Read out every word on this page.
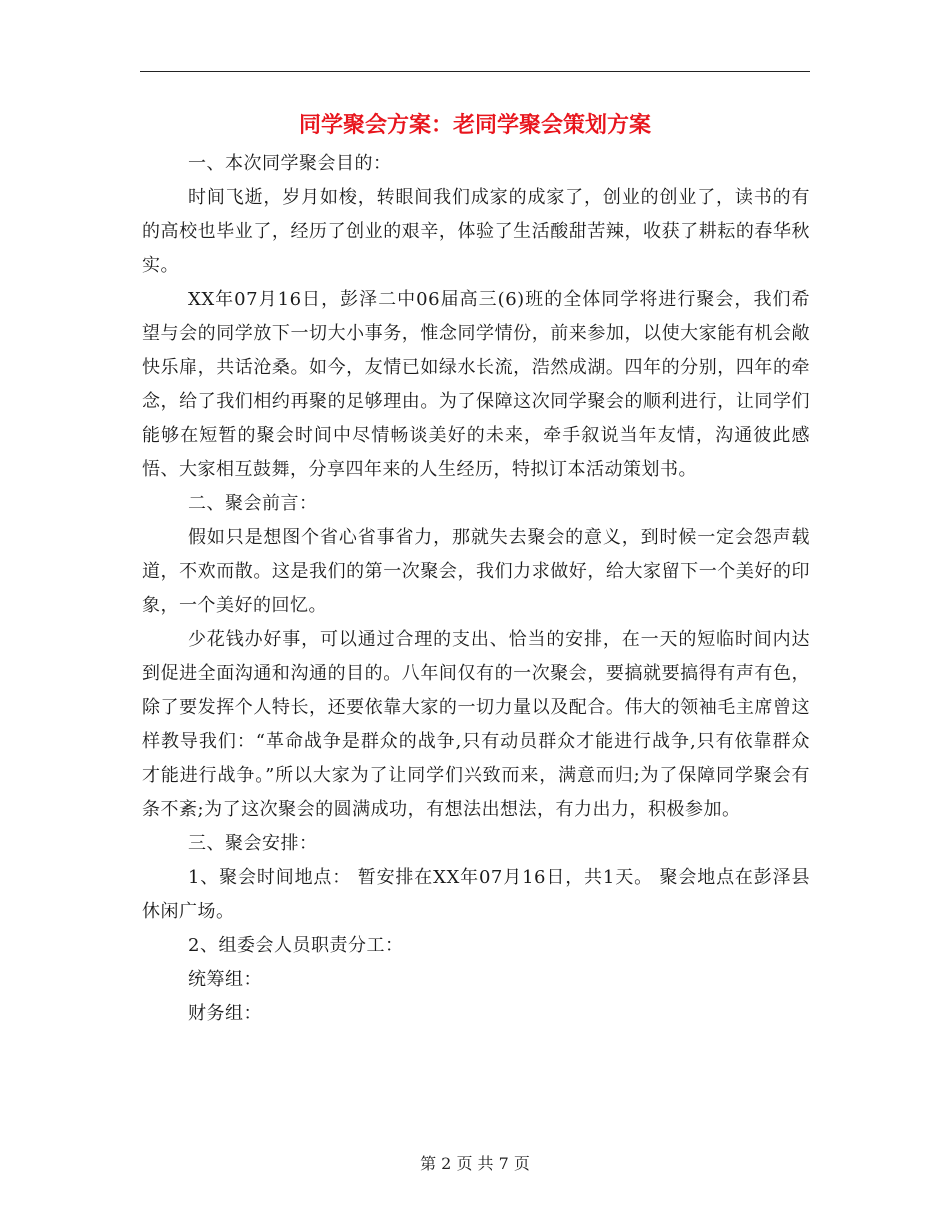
同学聚会方案：老同学聚会策划方案

一、本次同学聚会目的：

时间飞逝，岁月如梭，转眼间我们成家的成家了，创业的创业了，读书的有的高校也毕业了，经历了创业的艰辛，体验了生活酸甜苦辣，收获了耕耘的春华秋实。

XX年07月16日，彭泽二中06届高三(6)班的全体同学将进行聚会，我们希望与会的同学放下一切大小事务，惟念同学情份，前来参加，以使大家能有机会敞快乐扉，共话沧桑。如今，友情已如绿水长流，浩然成湖。四年的分别，四年的牵念，给了我们相约再聚的足够理由。为了保障这次同学聚会的顺利进行，让同学们能够在短暂的聚会时间中尽情畅谈美好的未来，牵手叙说当年友情，沟通彼此感悟、大家相互鼓舞，分享四年来的人生经历，特拟订本活动策划书。

二、聚会前言：

假如只是想图个省心省事省力，那就失去聚会的意义，到时候一定会怨声载道，不欢而散。这是我们的第一次聚会，我们力求做好，给大家留下一个美好的印象，一个美好的回忆。

少花钱办好事，可以通过合理的支出、恰当的安排，在一天的短临时间内达到促进全面沟通和沟通的目的。八年间仅有的一次聚会，要搞就要搞得有声有色，除了要发挥个人特长，还要依靠大家的一切力量以及配合。伟大的领袖毛主席曾这样教导我们：“革命战争是群众的战争,只有动员群众才能进行战争,只有依靠群众才能进行战争。”所以大家为了让同学们兴致而来，满意而归;为了保障同学聚会有条不紊;为了这次聚会的圆满成功，有想法出想法，有力出力，积极参加。

三、聚会安排：

1、聚会时间地点： 暂安排在XX年07月16日，共1天。 聚会地点在彭泽县休闲广场。

2、组委会人员职责分工：

统筹组：

财务组：

第 2 页 共 7 页
